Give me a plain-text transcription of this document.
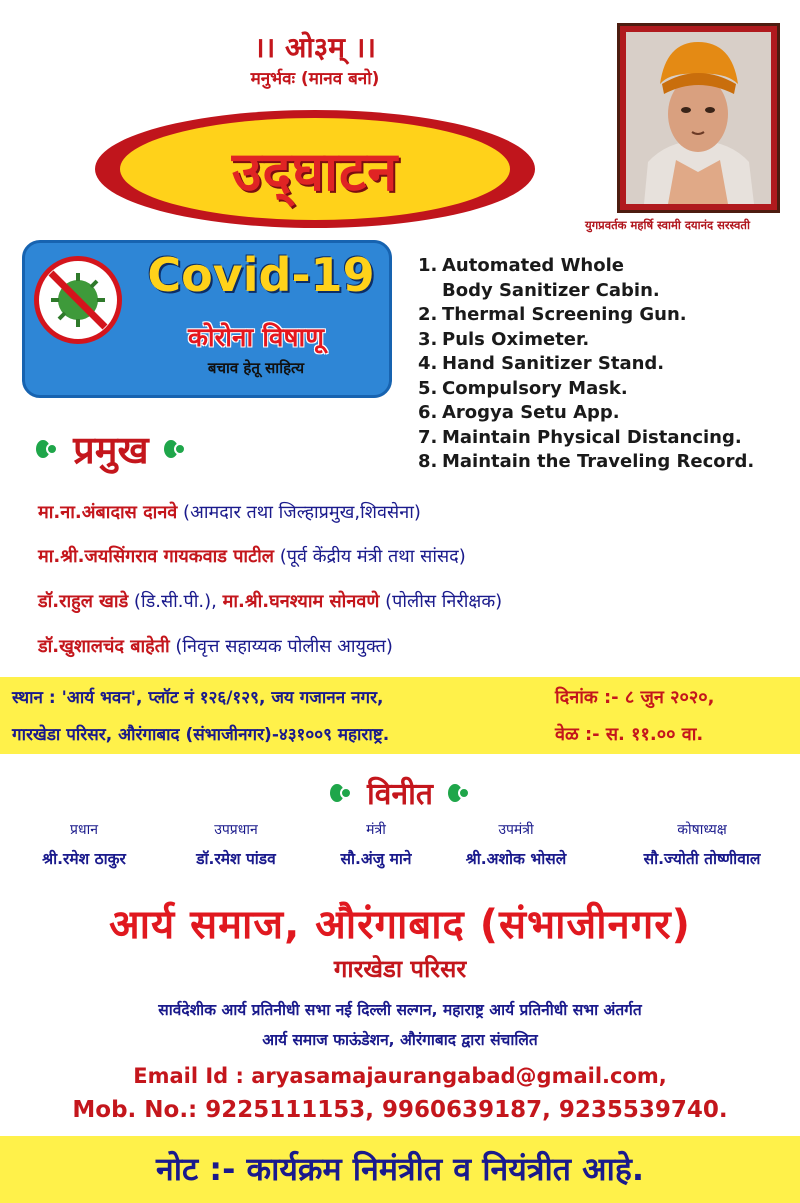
।। ओ३म् ।।
मनुर्भवः (मानव बनो)
उद्‌घाटन
युगप्रवर्तक महर्षि स्वामी दयानंद सरस्वती
Covid-19
कोरोना विषाणू
बचाव हेतू साहित्य
1. Automated Whole
Body Sanitizer Cabin.
2. Thermal Screening Gun.
3. Puls Oximeter.
4. Hand Sanitizer Stand.
5. Compulsory Mask.
6. Arogya Setu App.
7. Maintain Physical Distancing.
8. Maintain the Traveling Record.
प्रमुख
मा.ना.अंबादास दानवे (आमदार तथा जिल्हाप्रमुख,शिवसेना)
मा.श्री.जयसिंगराव गायकवाड पाटील (पूर्व केंद्रीय मंत्री तथा सांसद)
डॉ.राहुल खाडे (डि.सी.पी.), मा.श्री.घनश्याम सोनवणे (पोलीस निरीक्षक)
डॉ.खुशालचंद बाहेती (निवृत्त सहाय्यक पोलीस आयुक्त)
स्थान : 'आर्य भवन', प्लॉट नं १२६/१२९, जय गजानन नगर,
गारखेडा परिसर, औरंगाबाद (संभाजीनगर)-४३१००९ महाराष्ट्र.
दिनांक :- ८ जुन २०२०,
वेळ :- स. ११.०० वा.
विनीत
प्रधान
श्री.रमेश ठाकुर
उपप्रधान
डॉ.रमेश पांडव
मंत्री
सौ.अंजु माने
उपमंत्री
श्री.अशोक भोसले
कोषाध्यक्ष
सौ.ज्योती तोष्णीवाल
आर्य समाज, औरंगाबाद (संभाजीनगर)
गारखेडा परिसर
सार्वदेशीक आर्य प्रतिनीधी सभा नई दिल्ली सल्गन, महाराष्ट्र आर्य प्रतिनीधी सभा अंतर्गत
आर्य समाज फाऊंडेशन, औरंगाबाद द्वारा संचालित
Email Id : aryasamajaurangabad@gmail.com,
Mob. No.: 9225111153, 9960639187, 9235539740.
नोट :- कार्यक्रम निमंत्रीत व नियंत्रीत आहे.
